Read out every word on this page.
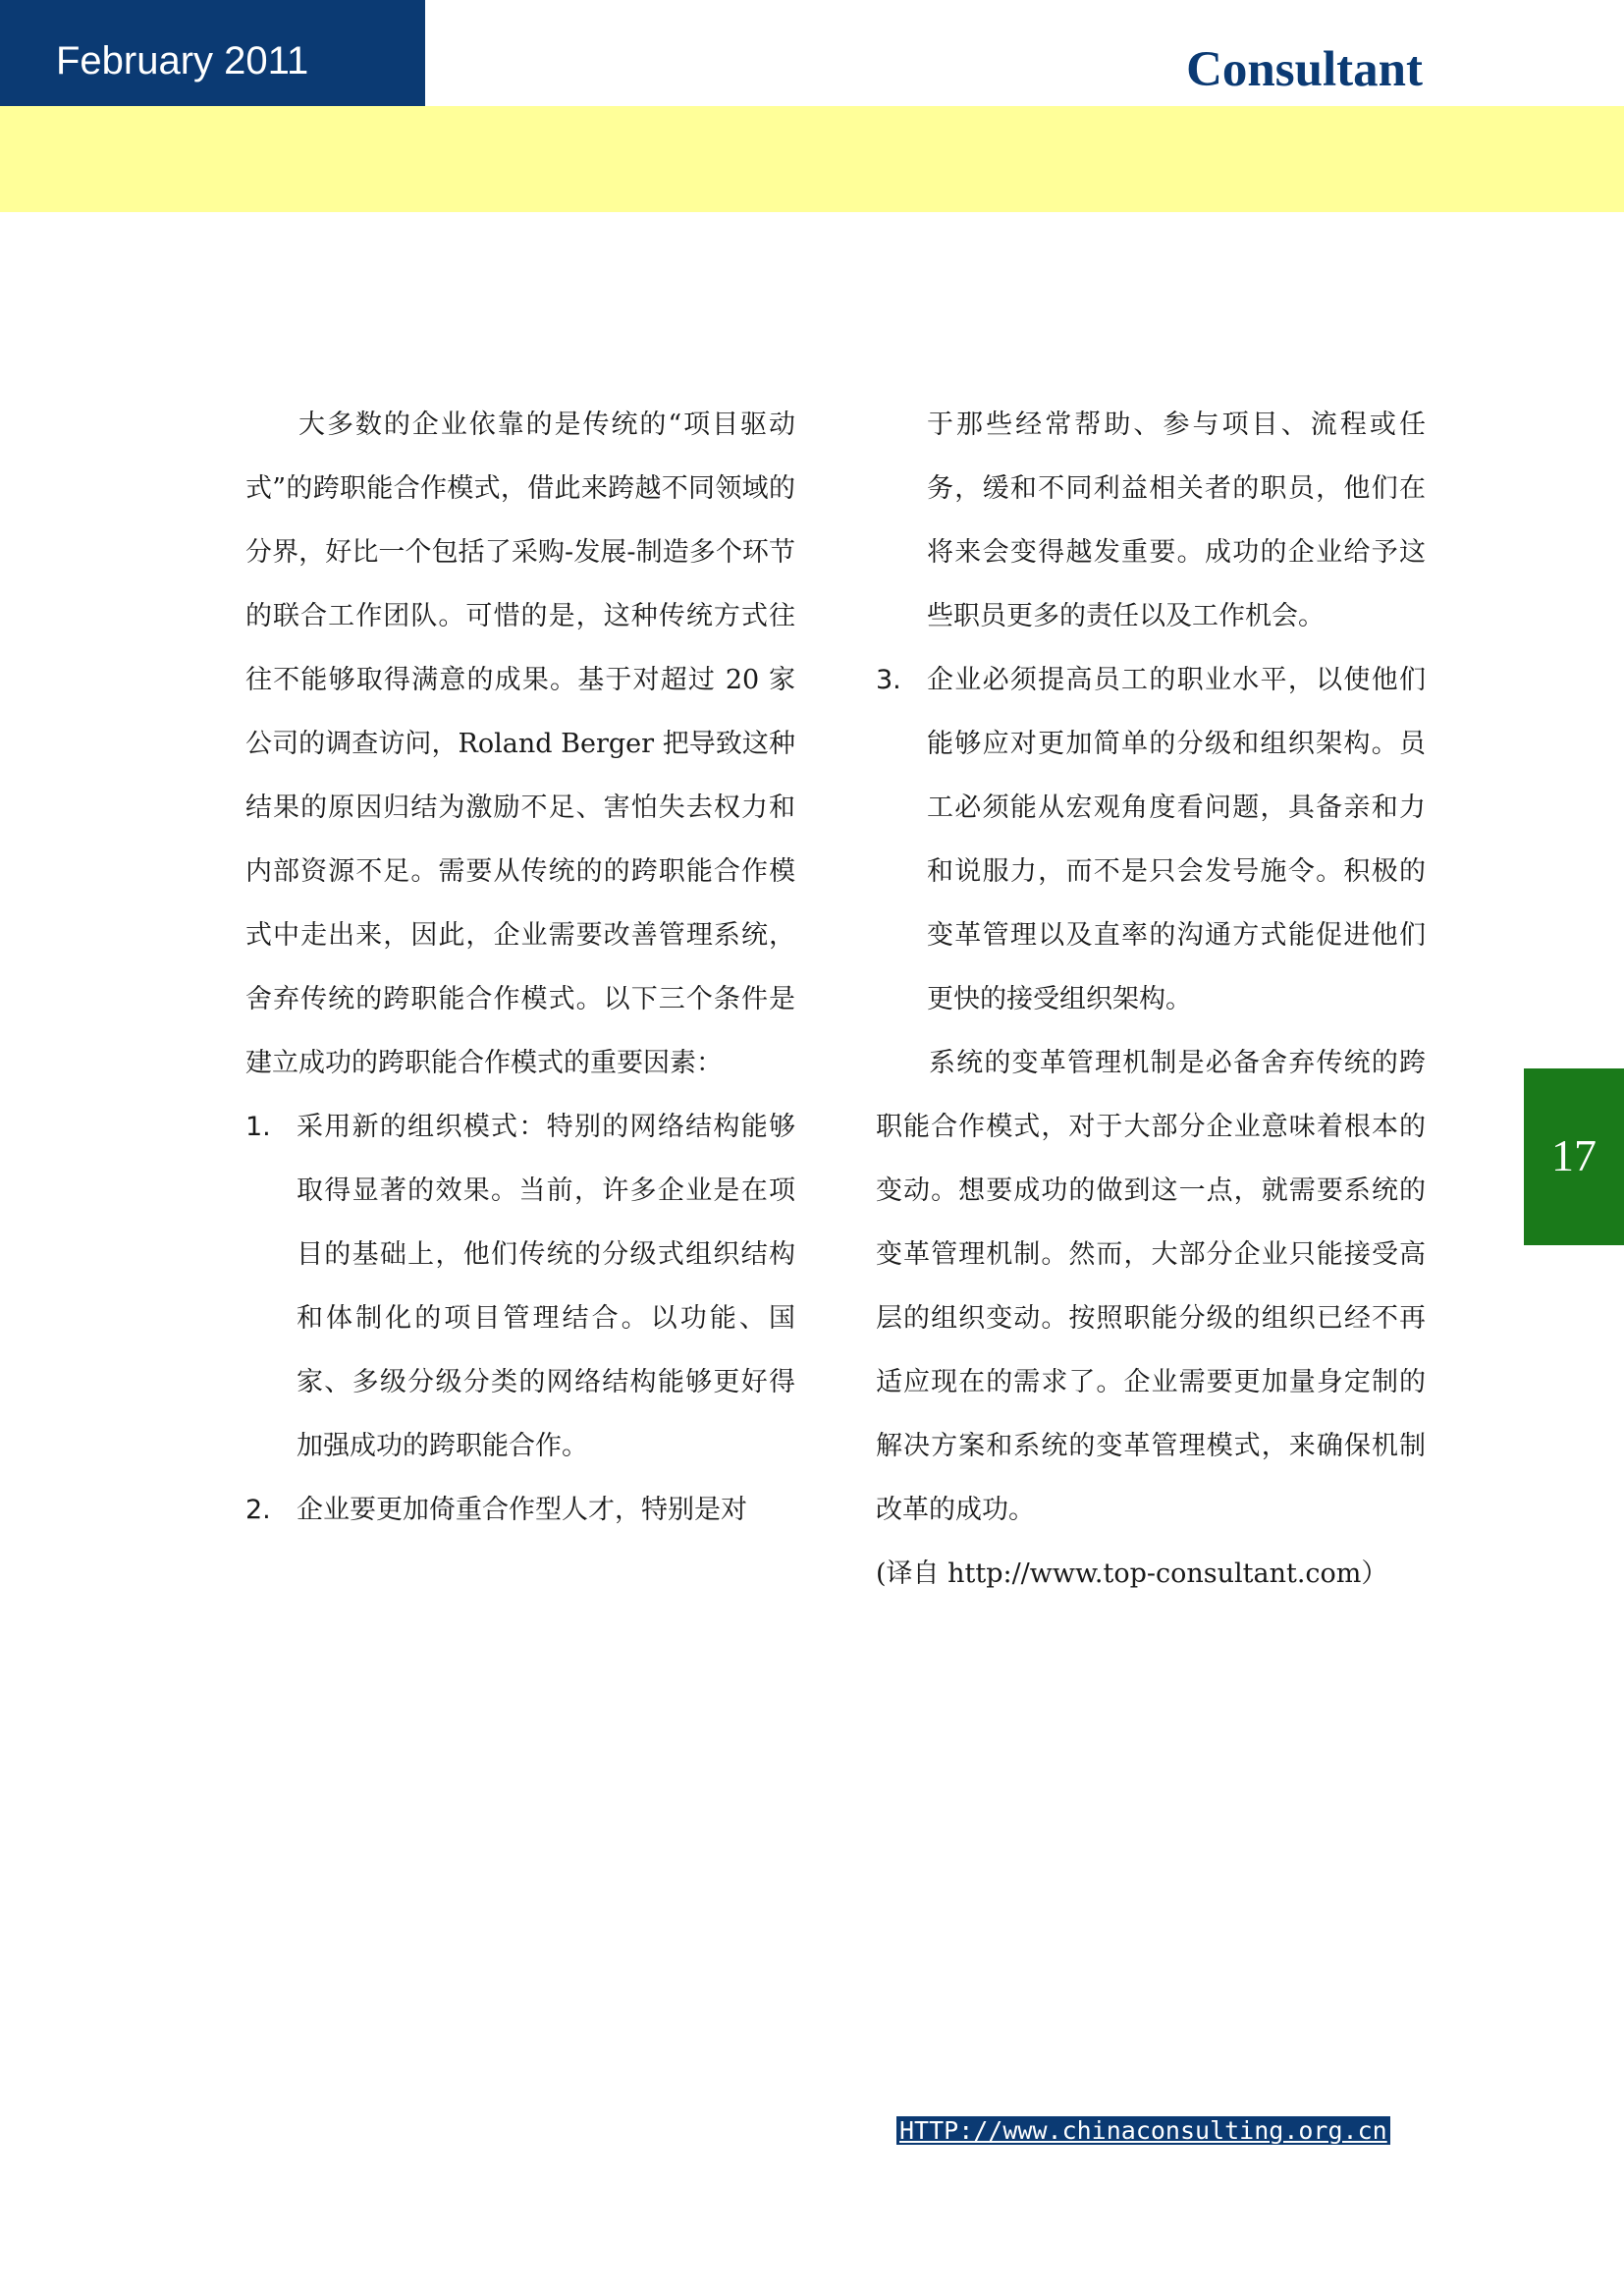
February 2011	Consultant
17

大多数的企业依靠的是传统的“项目驱动式”的跨职能合作模式，借此来跨越不同领域的分界，好比一个包括了采购-发展-制造多个环节的联合工作团队。可惜的是，这种传统方式往往不能够取得满意的成果。基于对超过 20 家公司的调查访问，Roland Berger 把导致这种结果的原因归结为激励不足、害怕失去权力和内部资源不足。需要从传统的的跨职能合作模式中走出来，因此，企业需要改善管理系统，舍弃传统的跨职能合作模式。以下三个条件是建立成功的跨职能合作模式的重要因素：

1. 采用新的组织模式：特别的网络结构能够取得显著的效果。当前，许多企业是在项目的基础上，他们传统的分级式组织结构和体制化的项目管理结合。以功能、国家、多级分级分类的网络结构能够更好得加强成功的跨职能合作。
2. 企业要更加倚重合作型人才，特别是对
于那些经常帮助、参与项目、流程或任务，缓和不同利益相关者的职员，他们在将来会变得越发重要。成功的企业给予这些职员更多的责任以及工作机会。
3. 企业必须提高员工的职业水平，以使他们能够应对更加简单的分级和组织架构。员工必须能从宏观角度看问题，具备亲和力和说服力，而不是只会发号施令。积极的变革管理以及直率的沟通方式能促进他们更快的接受组织架构。

系统的变革管理机制是必备舍弃传统的跨职能合作模式，对于大部分企业意味着根本的变动。想要成功的做到这一点，就需要系统的变革管理机制。然而，大部分企业只能接受高层的组织变动。按照职能分级的组织已经不再适应现在的需求了。企业需要更加量身定制的解决方案和系统的变革管理模式，来确保机制改革的成功。

(译自 http://www.top-consultant.com）

HTTP://www.chinaconsulting.org.cn
